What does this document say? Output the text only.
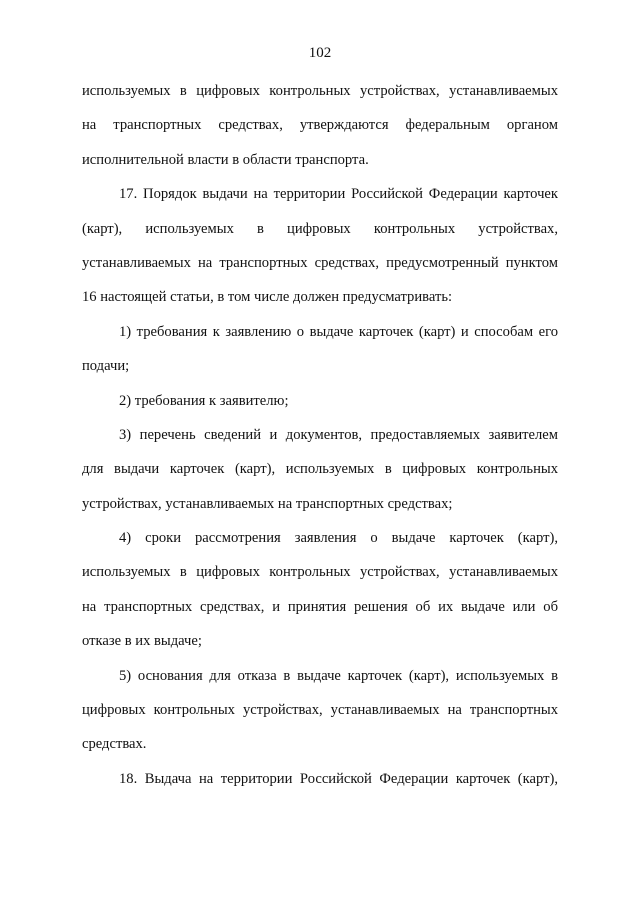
102
используемых в цифровых контрольных устройствах, устанавливаемых
на транспортных средствах, утверждаются федеральным органом
исполнительной власти в области транспорта.
17. Порядок выдачи на территории Российской Федерации карточек
(карт), используемых в цифровых контрольных устройствах,
устанавливаемых на транспортных средствах, предусмотренный пунктом
16 настоящей статьи, в том числе должен предусматривать:
1) требования к заявлению о выдаче карточек (карт) и способам его
подачи;
2) требования к заявителю;
3) перечень сведений и документов, предоставляемых заявителем
для выдачи карточек (карт), используемых в цифровых контрольных
устройствах, устанавливаемых на транспортных средствах;
4) сроки рассмотрения заявления о выдаче карточек (карт),
используемых в цифровых контрольных устройствах, устанавливаемых
на транспортных средствах, и принятия решения об их выдаче или об
отказе в их выдаче;
5) основания для отказа в выдаче карточек (карт), используемых в
цифровых контрольных устройствах, устанавливаемых на транспортных
средствах.
18. Выдача на территории Российской Федерации карточек (карт),
